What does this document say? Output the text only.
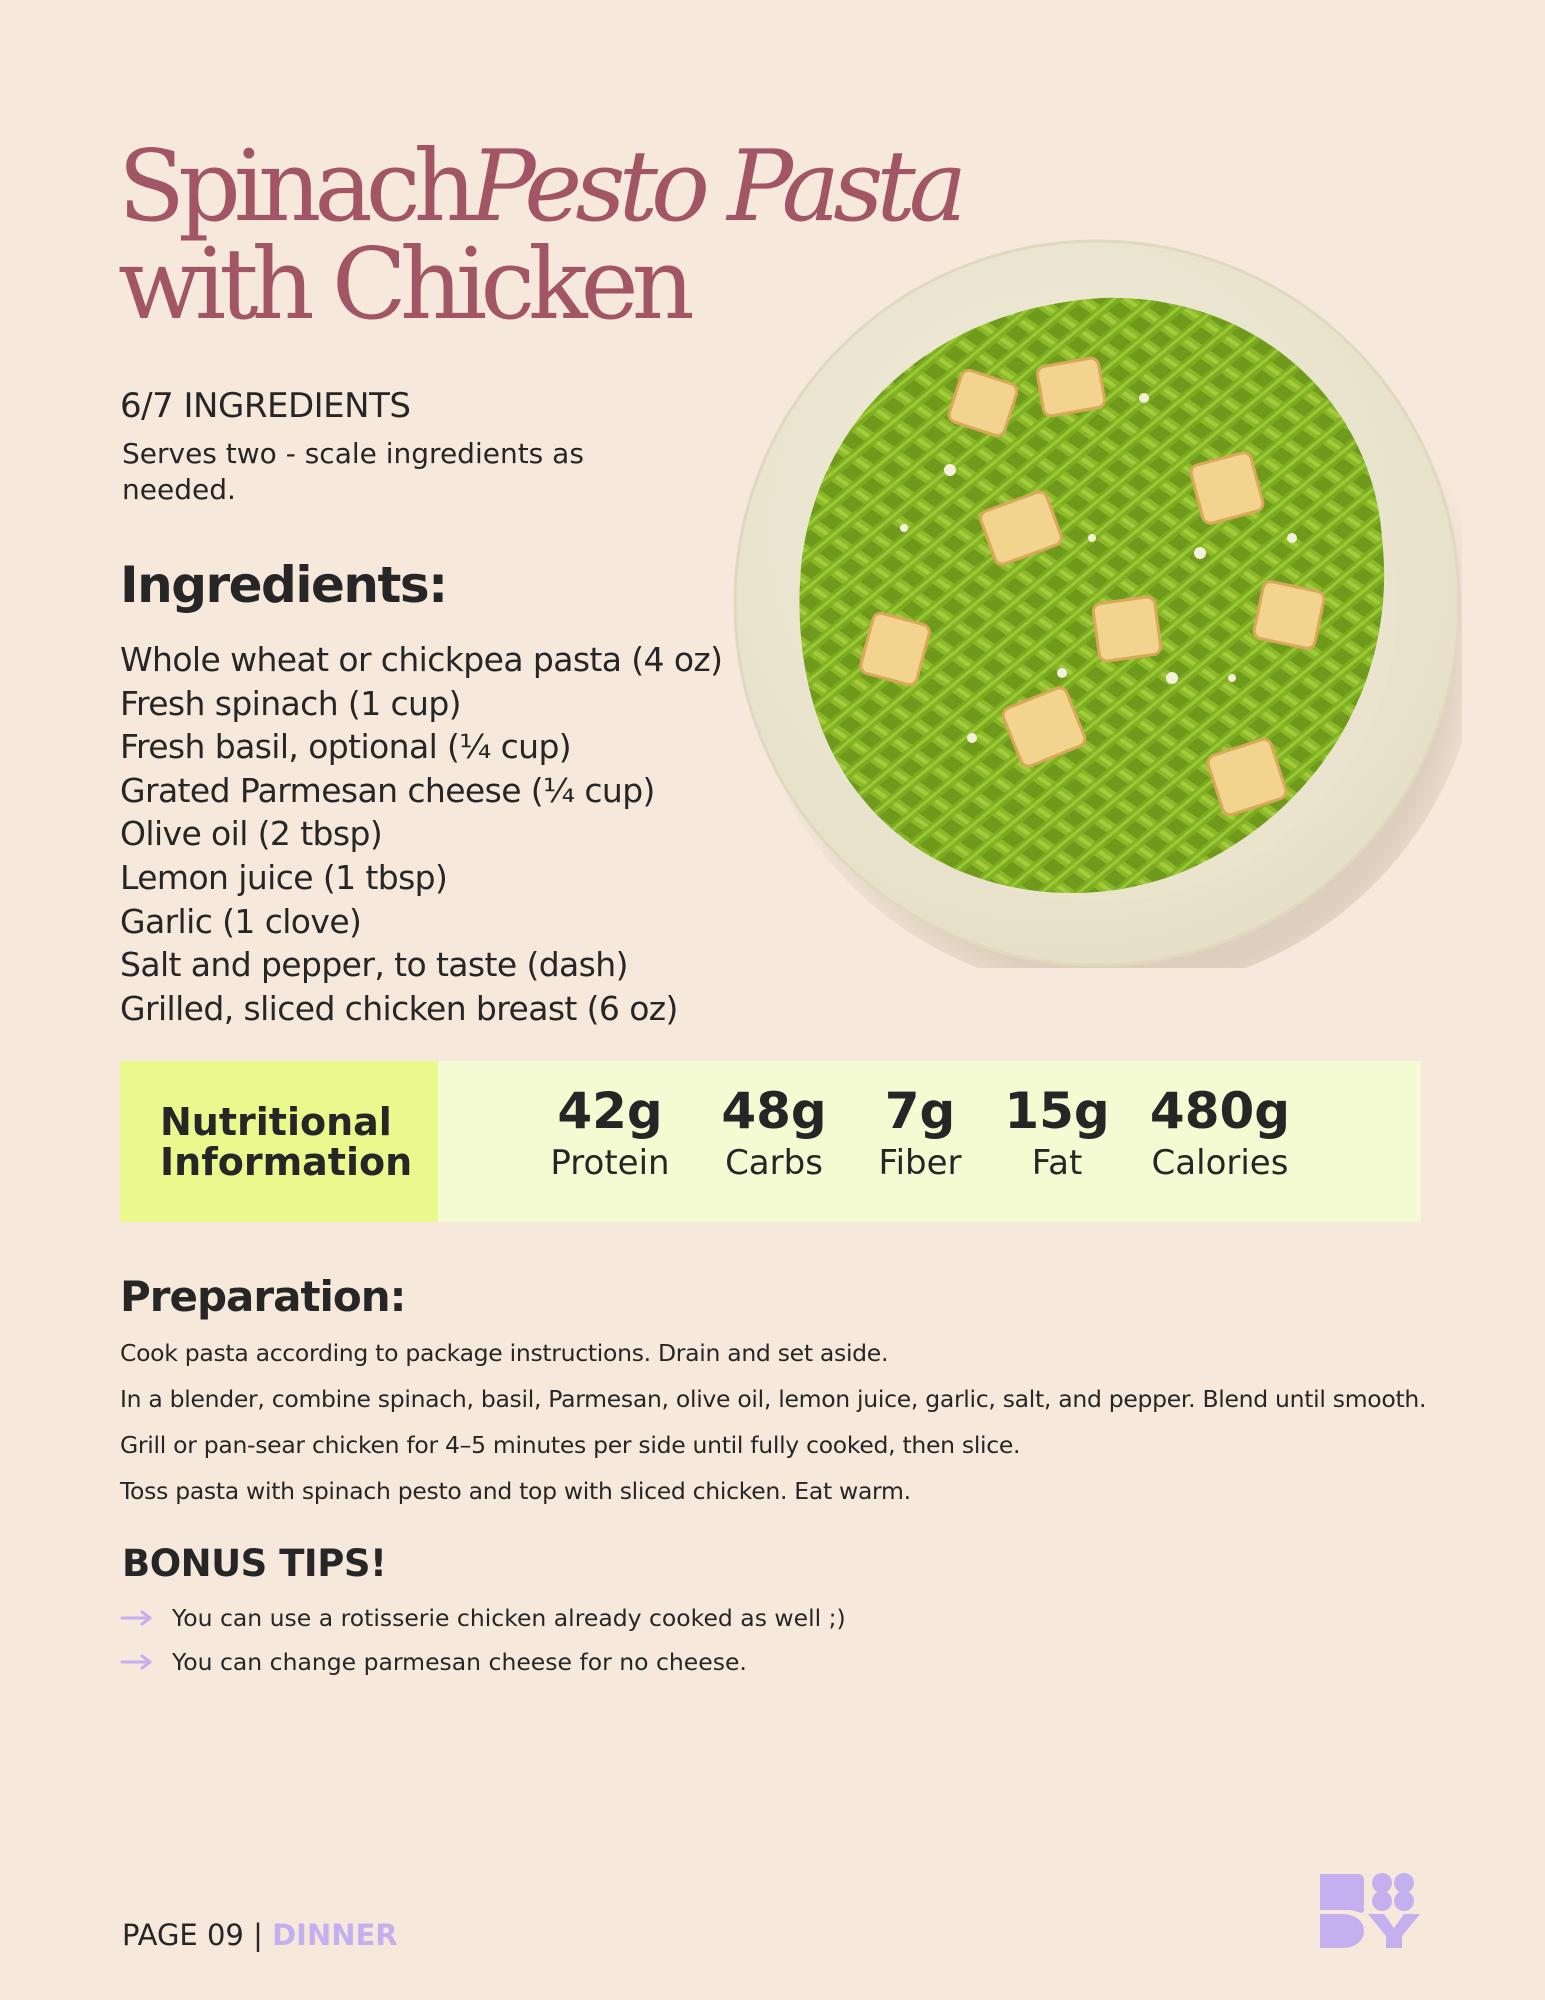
SpinachPesto Pasta
with Chicken
6/7 INGREDIENTS
Serves two - scale ingredients as needed.
Ingredients:
Whole wheat or chickpea pasta (4 oz)
Fresh spinach (1 cup)
Fresh basil, optional (¼ cup)
Grated Parmesan cheese (¼ cup)
Olive oil (2 tbsp)
Lemon juice (1 tbsp)
Garlic (1 clove)
Salt and pepper, to taste (dash)
Grilled, sliced chicken breast (6 oz)
Nutritional
Information
42g
Protein
48g
Carbs
7g
Fiber
15g
Fat
480g
Calories
Preparation:
Cook pasta according to package instructions. Drain and set aside.
In a blender, combine spinach, basil, Parmesan, olive oil, lemon juice, garlic, salt, and pepper. Blend until smooth.
Grill or pan-sear chicken for 4–5 minutes per side until fully cooked, then slice.
Toss pasta with spinach pesto and top with sliced chicken. Eat warm.
BONUS TIPS!
You can use a rotisserie chicken already cooked as well ;)
You can change parmesan cheese for no cheese.
PAGE 09 | DINNER
